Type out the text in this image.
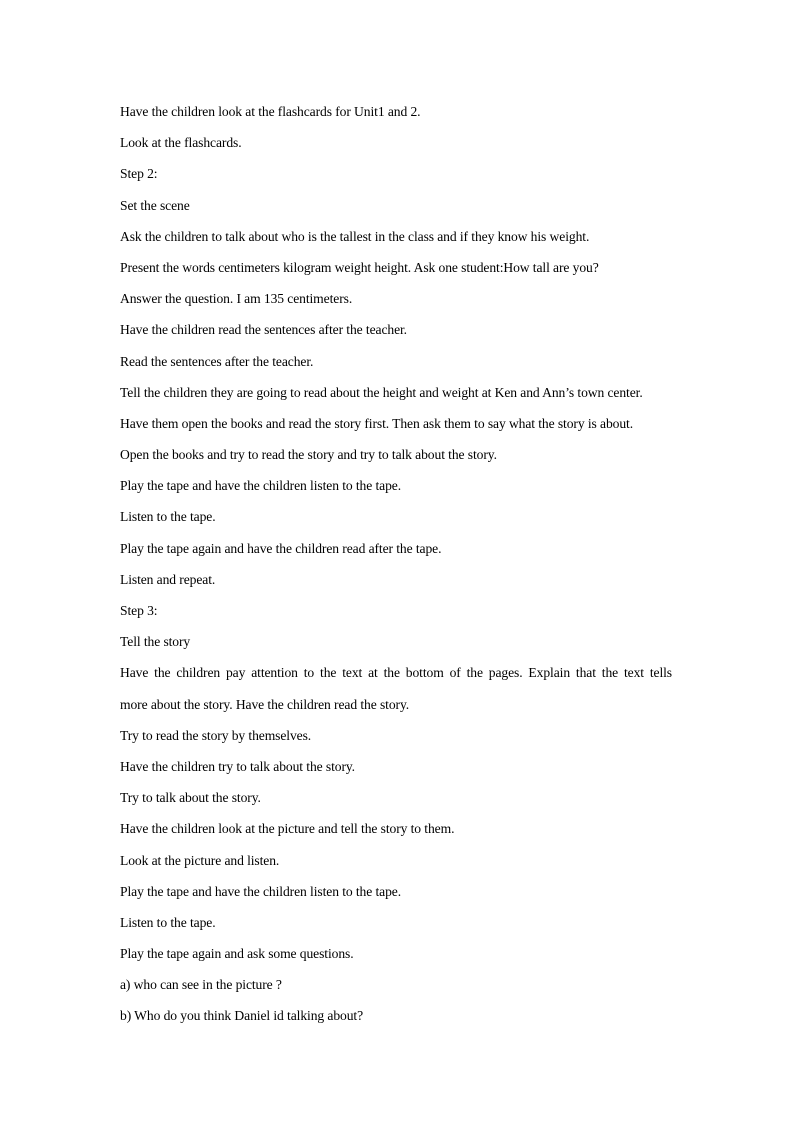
Have the children look at the flashcards for Unit1 and 2.
Look at the flashcards.
Step 2:
Set the scene
Ask the children to talk about who is the tallest in the class and if they know his weight.
Present the words centimeters kilogram weight height. Ask one student:How tall are you?
Answer the question. I am 135 centimeters.
Have the children read the sentences after the teacher.
Read the sentences after the teacher.
Tell the children they are going to read about the height and weight at Ken and Ann’s town center.
Have them open the books and read the story first. Then ask them to say what the story is about.
Open the books and try to read the story and try to talk about the story.
Play the tape and have the children listen to the tape.
Listen to the tape.
Play the tape again and have the children read after the tape.
Listen and repeat.
Step 3:
Tell the story
Have the children pay attention to the text at the bottom of the pages. Explain that the text tells
more about the story. Have the children read the story.
Try to read the story by themselves.
Have the children try to talk about the story.
Try to talk about the story.
Have the children look at the picture and tell the story to them.
Look at the picture and listen.
Play the tape and have the children listen to the tape.
Listen to the tape.
Play the tape again and ask some questions.
a) who can see in the picture ?
b) Who do you think Daniel id talking about?
